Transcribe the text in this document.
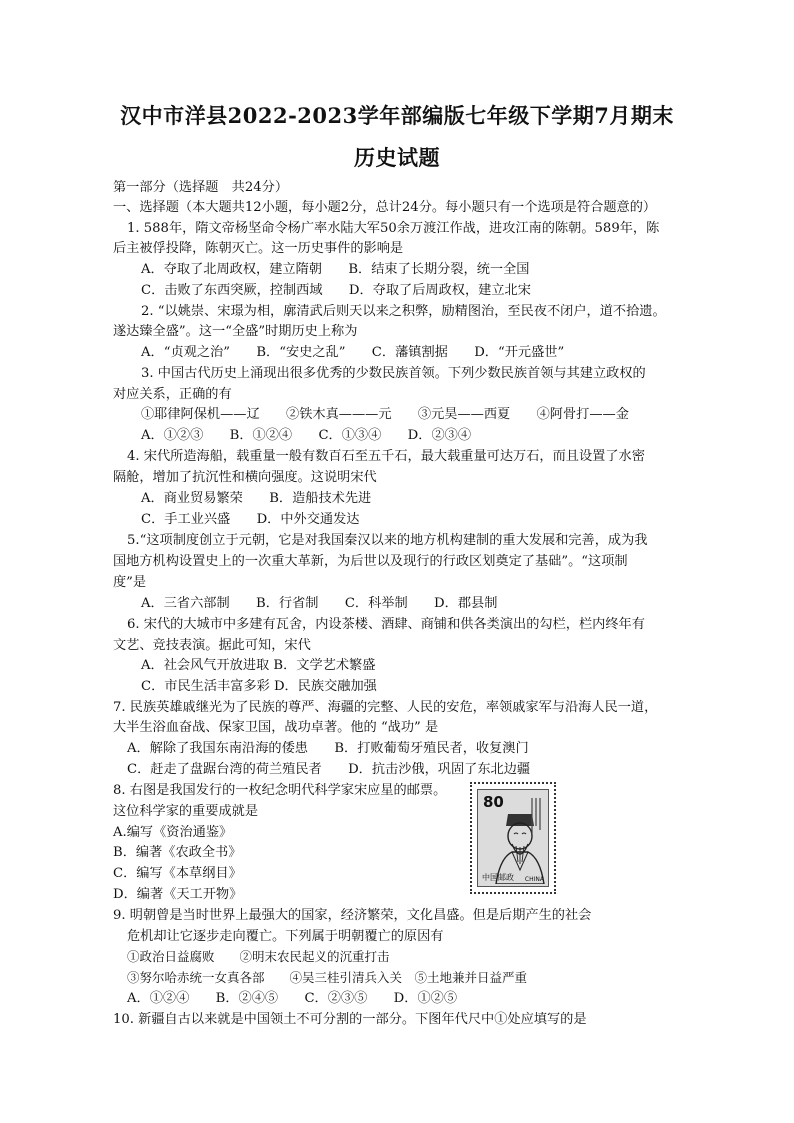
汉中市洋县2022-2023学年部编版七年级下学期7月期末
历史试题
第一部分（选择题　共24分）
一、选择题（本大题共12小题，每小题2分，总计24分。每小题只有一个选项是符合题意的）
1. 588年，隋文帝杨坚命令杨广率水陆大军50余万渡江作战，进攻江南的陈朝。589年，陈
后主被俘投降，陈朝灭亡。这一历史事件的影响是
A．夺取了北周政权，建立隋朝　　B．结束了长期分裂，统一全国
C．击败了东西突厥，控制西域　　D．夺取了后周政权，建立北宋
2. “以姚崇、宋璟为相，廓清武后则天以来之积弊，励精图治，至民夜不闭户，道不拾遗。
遂达臻全盛”。这一“全盛”时期历史上称为
A．“贞观之治”　　B．“安史之乱”　　C．藩镇割据　　D．“开元盛世”
3. 中国古代历史上涌现出很多优秀的少数民族首领。下列少数民族首领与其建立政权的
对应关系，正确的有
①耶律阿保机——辽　　②铁木真———元　　③元昊——西夏　　④阿骨打——金
A．①②③　　B．①②④　　C．①③④　　D．②③④
4. 宋代所造海船，载重量一般有数百石至五千石，最大载重量可达万石，而且设置了水密
隔舱，增加了抗沉性和横向强度。这说明宋代
A．商业贸易繁荣　　B．造船技术先进
C．手工业兴盛　　D．中外交通发达
5.“这项制度创立于元朝，它是对我国秦汉以来的地方机构建制的重大发展和完善，成为我
国地方机构设置史上的一次重大革新，为后世以及现行的行政区划奠定了基础”。“这项制
度”是
A．三省六部制　　B．行省制　　C．科举制　　D．郡县制
6. 宋代的大城市中多建有瓦舍，内设茶楼、酒肆、商铺和供各类演出的勾栏，栏内终年有
文艺、竞技表演。据此可知，宋代
A．社会风气开放进取 B．文学艺术繁盛
C．市民生活丰富多彩 D．民族交融加强
7. 民族英雄戚继光为了民族的尊严、海疆的完整、人民的安危，率领戚家军与沿海人民一道，
大半生浴血奋战、保家卫国，战功卓著。他的 “战功” 是
A．解除了我国东南沿海的倭患　　B．打败葡萄牙殖民者，收复澳门
C．赶走了盘踞台湾的荷兰殖民者　　D．抗击沙俄，巩固了东北边疆
8. 右图是我国发行的一枚纪念明代科学家宋应星的邮票。
这位科学家的重要成就是
A.编写《资治通鉴》
B．编著《农政全书》
C．编写《本草纲目》
D．编著《天工开物》
80
中国邮政 CHINA
9. 明朝曾是当时世界上最强大的国家，经济繁荣，文化昌盛。但是后期产生的社会
危机却让它逐步走向覆亡。下列属于明朝覆亡的原因有
①政治日益腐败　　②明末农民起义的沉重打击
③努尔哈赤统一女真各部　　④吴三桂引清兵入关　⑤土地兼并日益严重
A．①②④　　B．②④⑤　　C．②③⑤　　D．①②⑤
10. 新疆自古以来就是中国领土不可分割的一部分。下图年代尺中①处应填写的是
